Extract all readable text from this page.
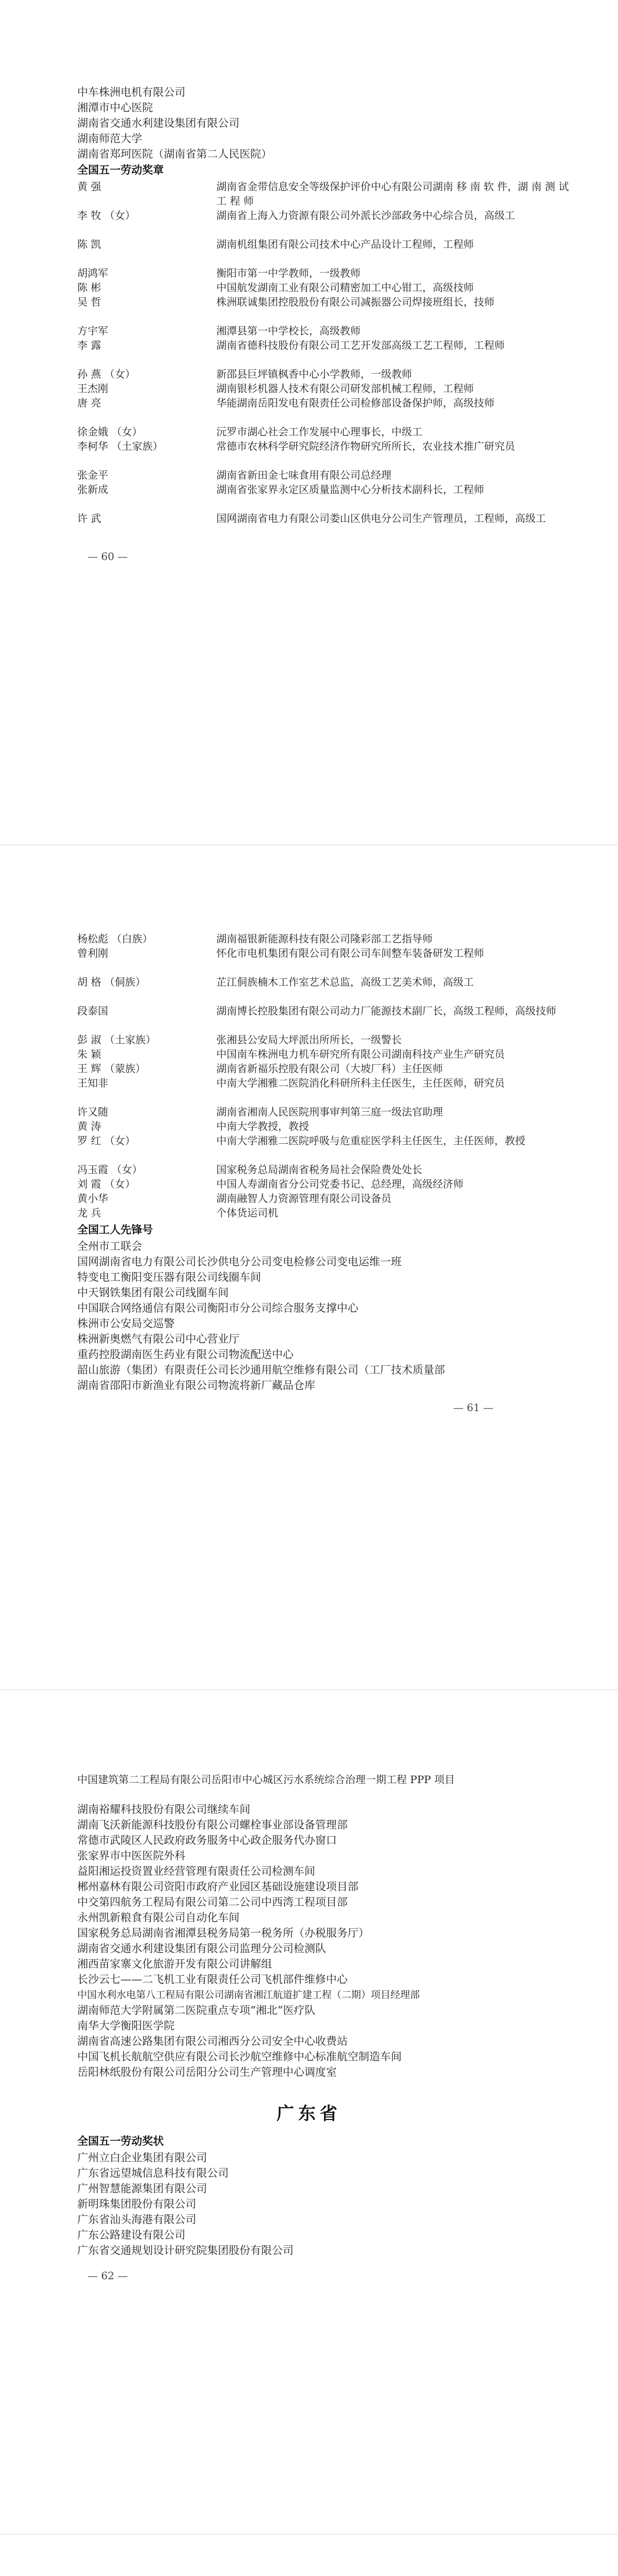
中车株洲电机有限公司
湘潭市中心医院
湖南省交通水利建设集团有限公司
湖南师范大学
湖南省郑珂医院（湖南省第二人民医院）
全国五一劳动奖章
黄 强	湖南省金带信息安全等级保护评价中心有限公司湖南 移 南 软 件，湖 南 测 试 工 程 师
李 牧 （女）	湖南省上海入力资源有限公司外派长沙部政务中心综合员，高级工
陈 凯	湖南机组集团有限公司技术中心产品设计工程师，工程师
胡鸿军	衡阳市第一中学教师，一级教师
陈 彬	中国航发湖南工业有限公司精密加工中心钳工，高级技师
吴 哲	株洲联诚集团控股股份有限公司减振器公司焊接班组长，技师
方宇军	湘潭县第一中学校长，高级教师
李 露	湖南省德科技股份有限公司工艺开发部高级工艺工程师，工程师
孙 燕 （女）	新邵县巨坪镇枫香中心小学教师，一级教师
王杰刚	湖南银杉机器人技术有限公司研发部机械工程师，工程师
唐 亮	华能湖南岳阳发电有限责任公司检修部设备保护师，高级技师
徐金娥 （女）	沅罗市湖心社会工作发展中心理事长，中级工
李柯华 （土家族）	常德市农林科学研究院经济作物研究所所长，农业技术推广研究员
张金平	湖南省新田金七味食用有限公司总经理
张新成	湖南省张家界永定区质量监测中心分析技术副科长，工程师
许 武	国网湖南省电力有限公司娄山区供电分公司生产管理员，工程师，高级工
— 60 —
杨松彪 （白族）	湖南福银新能源科技有限公司隆彩部工艺指导师
曾利刚	怀化市电机集团有限公司有限公司车间整车装备研发工程师
胡 格 （侗族）	芷江侗族楠木工作室艺术总监，高级工艺美术师，高级工
段泰国	湖南博长控股集团有限公司动力厂能源技术副厂长，高级工程师，高级技师
彭 淑 （土家族）	张湘县公安局大坪派出所所长，一级警长
朱 颖	中国南车株洲电力机车研究所有限公司湖南科技产业生产研究员
王 辉 （蒙族）	湖南省新福乐控股有限公司（大坡厂科）主任医师
王知非	中南大学湘雅二医院消化科研所科主任医生，主任医师，研究员
许又随	湖南省湘南人民医院刑事审判第三庭一级法官助理
黄 涛	中南大学教授，教授
罗 红 （女）	中南大学湘雅二医院呼吸与危重症医学科主任医生，主任医师，教授
冯玉霞 （女）	国家税务总局湖南省税务局社会保险费处处长
刘 霞 （女）	中国人寿湖南省分公司党委书记、总经理，高级经济师
黄小华	湖南融智人力资源管理有限公司设备员
龙 兵	个体货运司机
全国工人先锋号
全州市工联会
国网湖南省电力有限公司长沙供电分公司变电检修公司变电运维一班
特变电工衡阳变压器有限公司线圈车间
中天钢铁集团有限公司线圈车间
中国联合网络通信有限公司衡阳市分公司综合服务支撑中心
株洲市公安局交巡警
株洲新奥燃气有限公司中心营业厅
重药控股湖南医生药业有限公司物流配送中心
韶山旅游（集团）有限责任公司长沙通用航空维修有限公司（工厂技术质量部
湖南省邵阳市新渔业有限公司物流将新厂藏品仓库
— 61 —
中国建筑第二工程局有限公司岳阳市中心城区污水系统综合治理一期工程 PPP 项目
湖南裕耀科技股份有限公司继续车间
湖南飞沃新能源科技股份有限公司螺栓事业部设备管理部
常德市武陵区人民政府政务服务中心政企服务代办窗口
张家界市中医医院外科
益阳湘运投资置业经营管理有限责任公司检测车间
郴州嘉林有限公司资阳市政府产业园区基础设施建设项目部
中交第四航务工程局有限公司第二公司中西湾工程项目部
永州凯新粮食有限公司自动化车间
国家税务总局湖南省湘潭县税务局第一税务所（办税服务厅）
湖南省交通水利建设集团有限公司监理分公司检测队
湘西苗家寨文化旅游开发有限公司讲解组
长沙云七——二飞机工业有限责任公司飞机部件维修中心
中国水利水电第八工程局有限公司湖南省湘江航道扩建工程（二期）项目经理部
湖南师范大学附属第二医院重点专项“湘北”医疗队
南华大学衡阳医学院
湖南省高速公路集团有限公司湘西分公司安全中心收费站
中国飞机长航航空供应有限公司长沙航空维修中心标准航空制造车间
岳阳林纸股份有限公司岳阳分公司生产管理中心调度室
广东省
全国五一劳动奖状
广州立白企业集团有限公司
广东省远望城信息科技有限公司
广州智慧能源集团有限公司
新明珠集团股份有限公司
广东省汕头海港有限公司
广东公路建设有限公司
广东省交通规划设计研究院集团股份有限公司
— 62 —
